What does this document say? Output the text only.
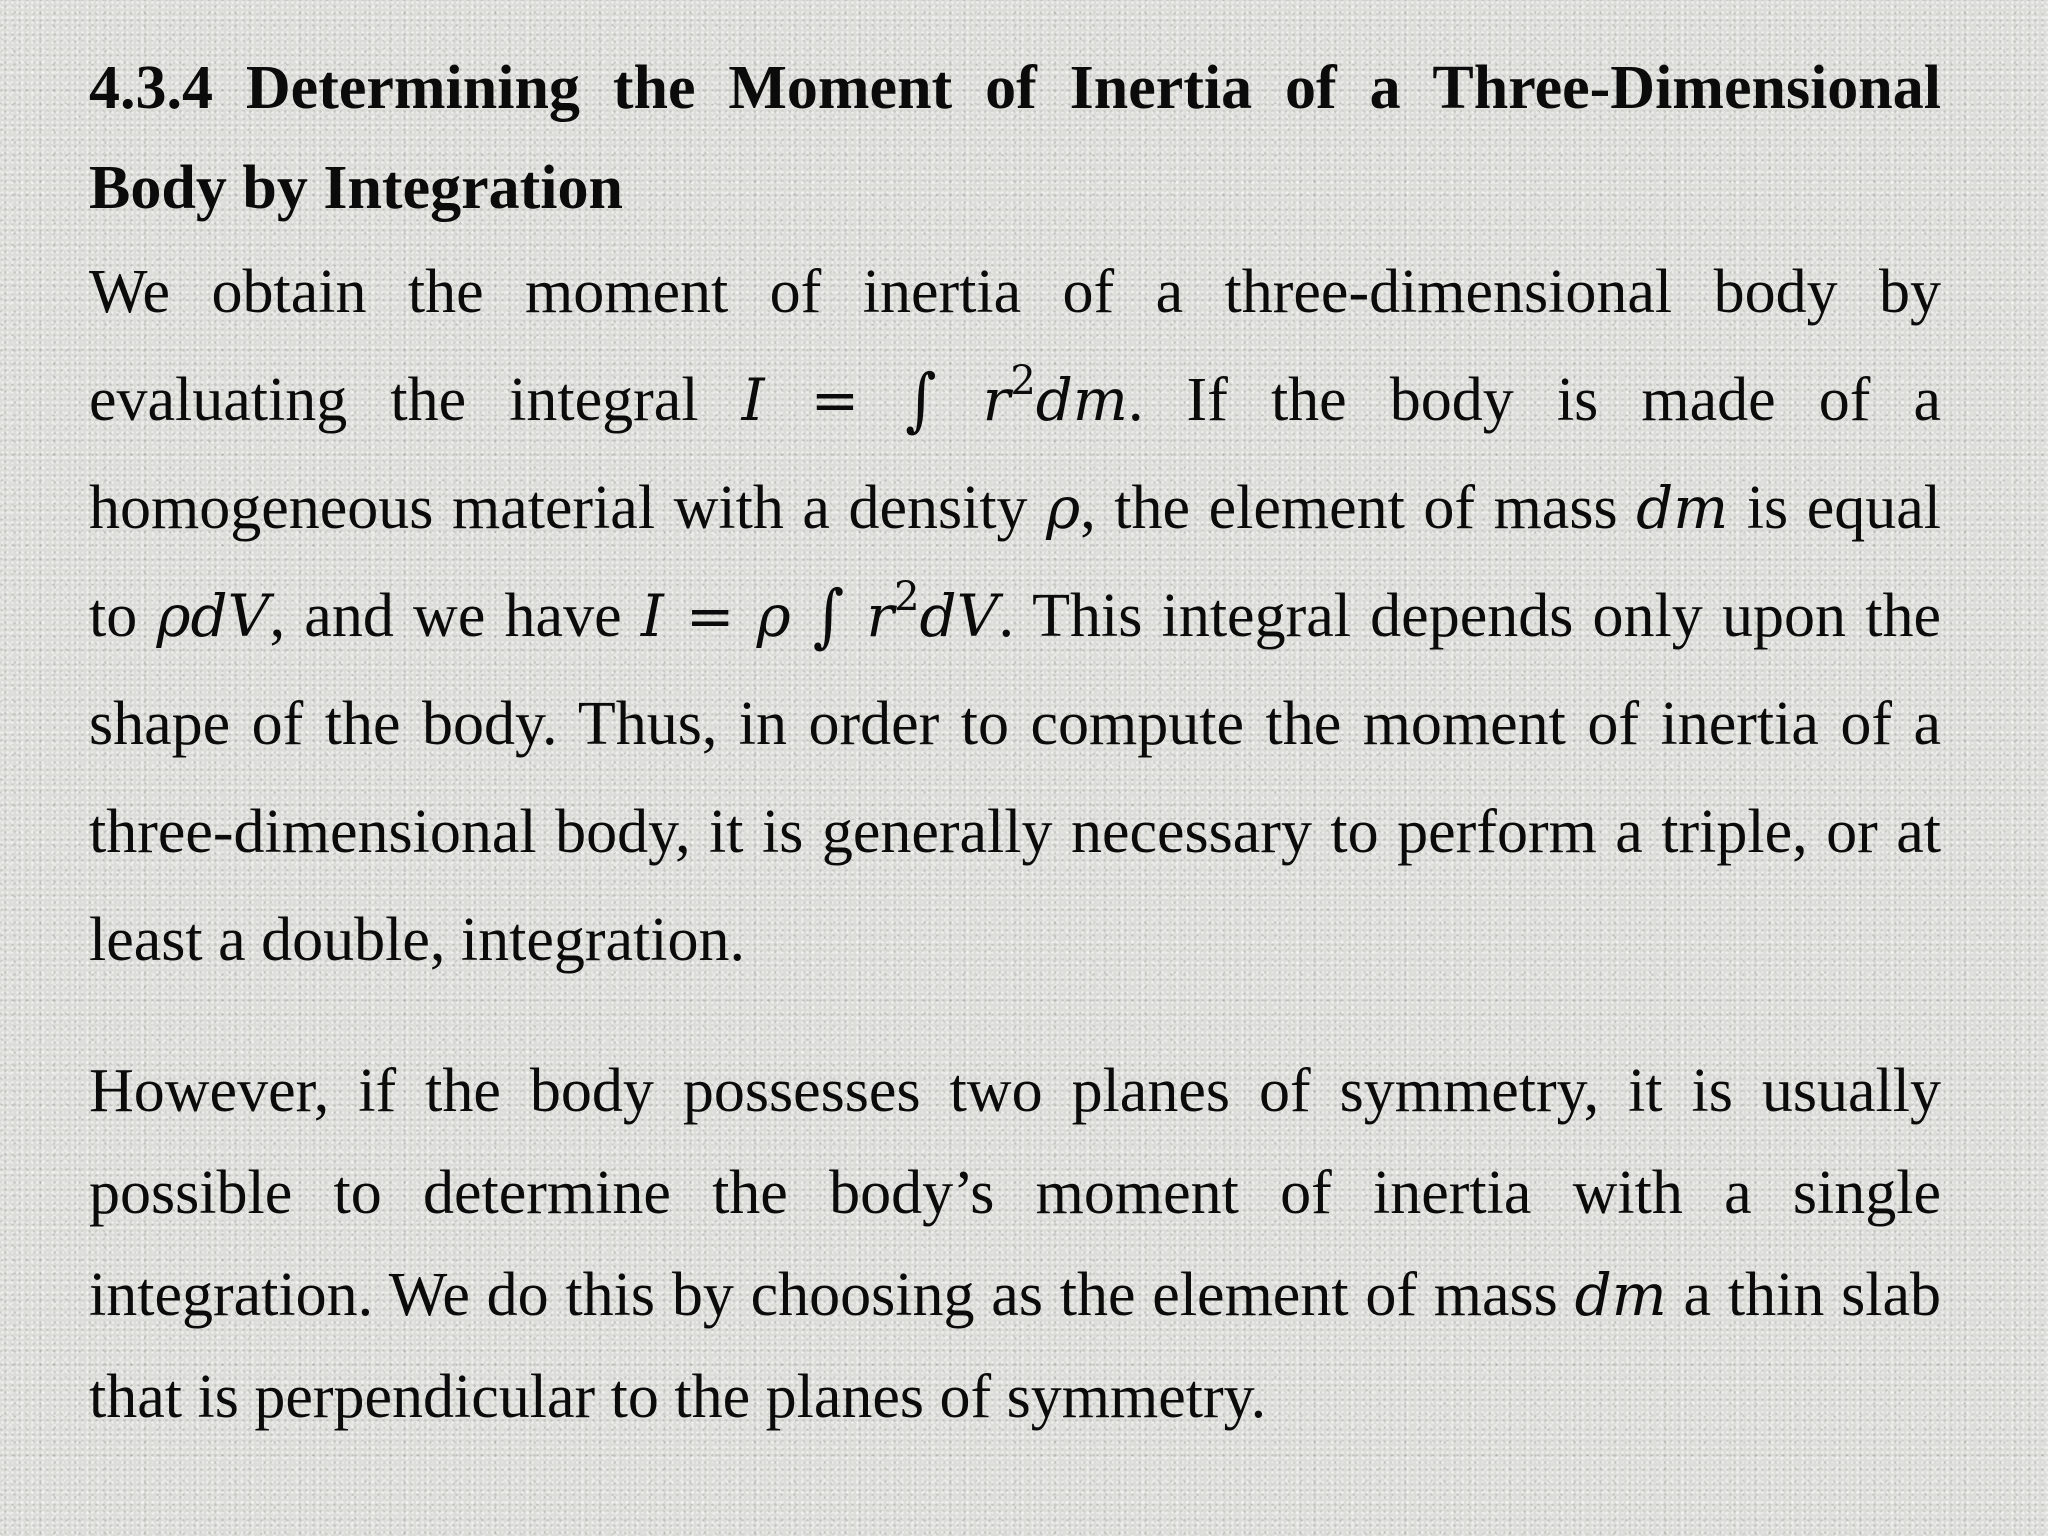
4.3.4 Determining the Moment of Inertia of a Three-Dimensional Body by Integration

We obtain the moment of inertia of a three-dimensional body by evaluating the integral I = ∫ $r^2dm$. If the body is made of a homogeneous material with a density ρ, the element of mass dm is equal to ρdV, and we have I = ρ ∫ $r^2dV$. This integral depends only upon the shape of the body. Thus, in order to compute the moment of inertia of a three-dimensional body, it is generally necessary to perform a triple, or at least a double, integration.

However, if the body possesses two planes of symmetry, it is usually possible to determine the body’s moment of inertia with a single integration. We do this by choosing as the element of mass dm a thin slab that is perpendicular to the planes of symmetry.
